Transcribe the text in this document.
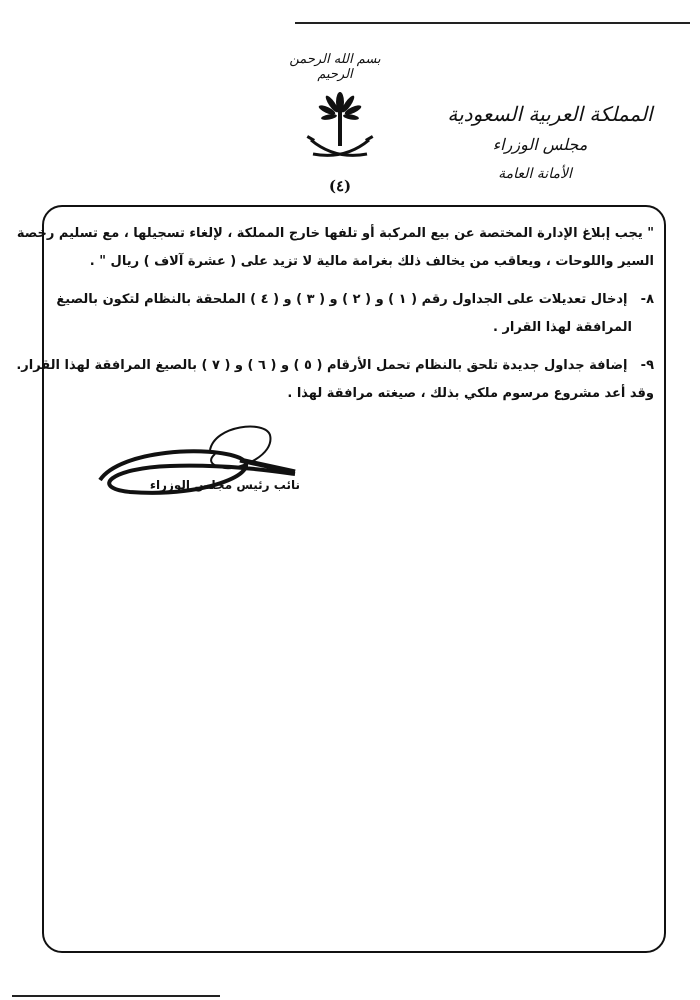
بسم الله الرحمن الرحيم
(٤)
المملكة العربية السعودية
مجلس الوزراء
الأمانة العامة
" يجب إبلاغ الإدارة المختصة عن بيع المركبة أو تلفها خارج المملكة ، لإلغاء تسجيلها ، مع تسليم رخصة
السير واللوحات ، ويعاقب من يخالف ذلك بغرامة مالية لا تزيد على ( عشرة آلاف ) ريال " .
٨- إدخال تعديلات على الجداول رقم ( ١ ) و ( ٢ ) و ( ٣ ) و ( ٤ ) الملحقة بالنظام لتكون بالصيغ
المرافقة لهذا القرار .
٩- إضافة جداول جديدة تلحق بالنظام تحمل الأرقام ( ٥ ) و ( ٦ ) و ( ٧ ) بالصيغ المرافقة لهذا القرار.
وقد أعد مشروع مرسوم ملكي بذلك ، صيغته مرافقة لهذا .
نائب رئيس مجلس الوزراء
